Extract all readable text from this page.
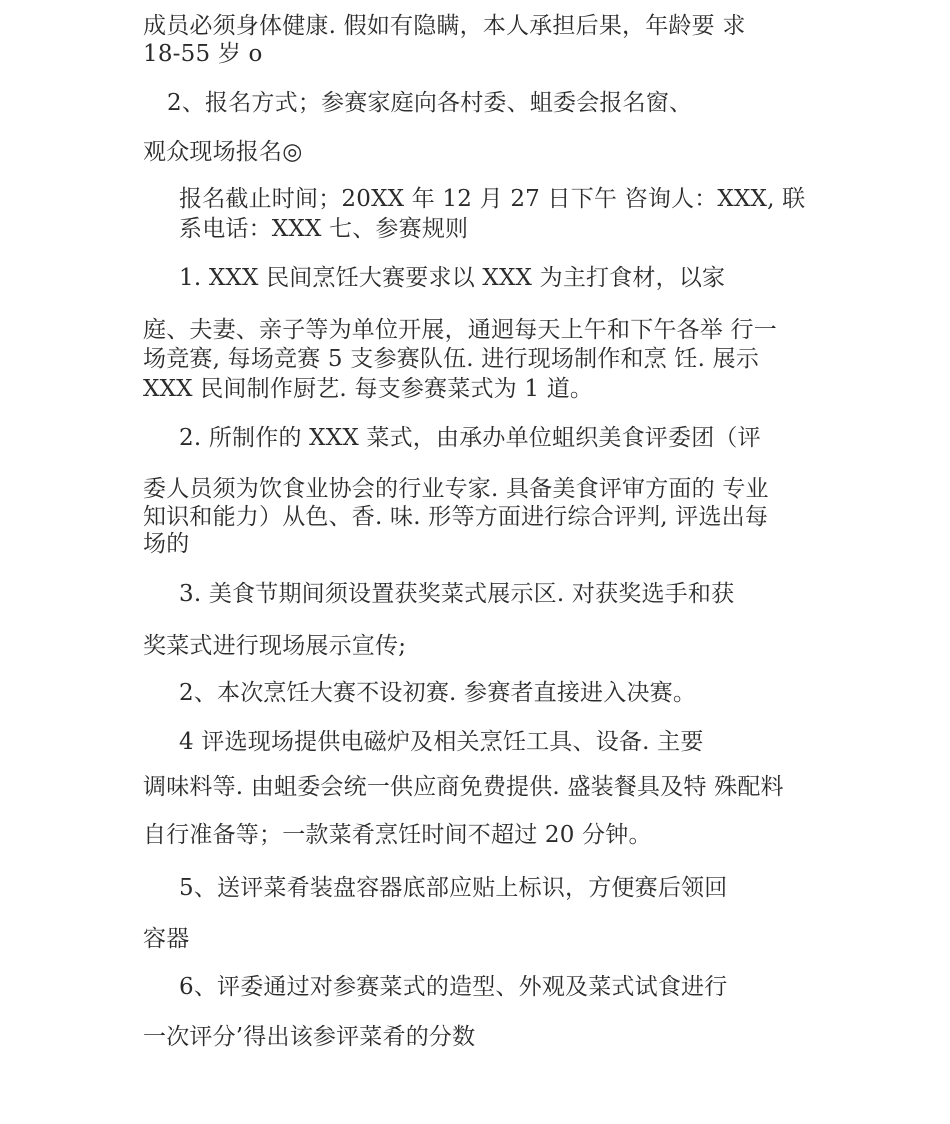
成员必须身体健康. 假如有隐瞒，本人承担后果，年龄要 求
18-55 岁 o
2、报名方式；参赛家庭向各村委、蛆委会报名窗、
观众现场报名◎
报名截止时间；20XX 年 12 月 27 日下午 咨询人：XXX, 联
系电话：XXX 七、参赛规则
1. XXX 民间烹饪大赛要求以 XXX 为主打食材，以家
庭、夫妻、亲子等为单位开展，通迥每天上午和下午各举 行一
场竞赛, 每场竞赛 5 支参赛队伍. 进行现场制作和烹 饪. 展示
XXX 民间制作厨艺. 每支参赛菜式为 1 道。
2. 所制作的 XXX 菜式，由承办单位蛆织美食评委团（评
委人员须为饮食业协会的行业专家. 具备美食评审方面的 专业
知识和能力）从色、香. 味. 形等方面进行综合评判, 评选出每
场的
3. 美食节期间须设置获奖菜式展示区. 对获奖选手和获
奖菜式进行现场展示宣传;
2、本次烹饪大赛不设初赛. 参赛者直接进入决赛。
4 评选现场提供电磁炉及相关烹饪工具、设备. 主要
调味料等. 由蛆委会统一供应商免费提供. 盛装餐具及特 殊配料
自行准备等；一款菜肴烹饪时间不超过 20 分钟。
5、送评菜肴装盘容器底部应贴上标识，方便赛后领回
容器
6、评委通过对参赛菜式的造型、外观及菜式试食进行
一次评分’得出该参评菜肴的分数
